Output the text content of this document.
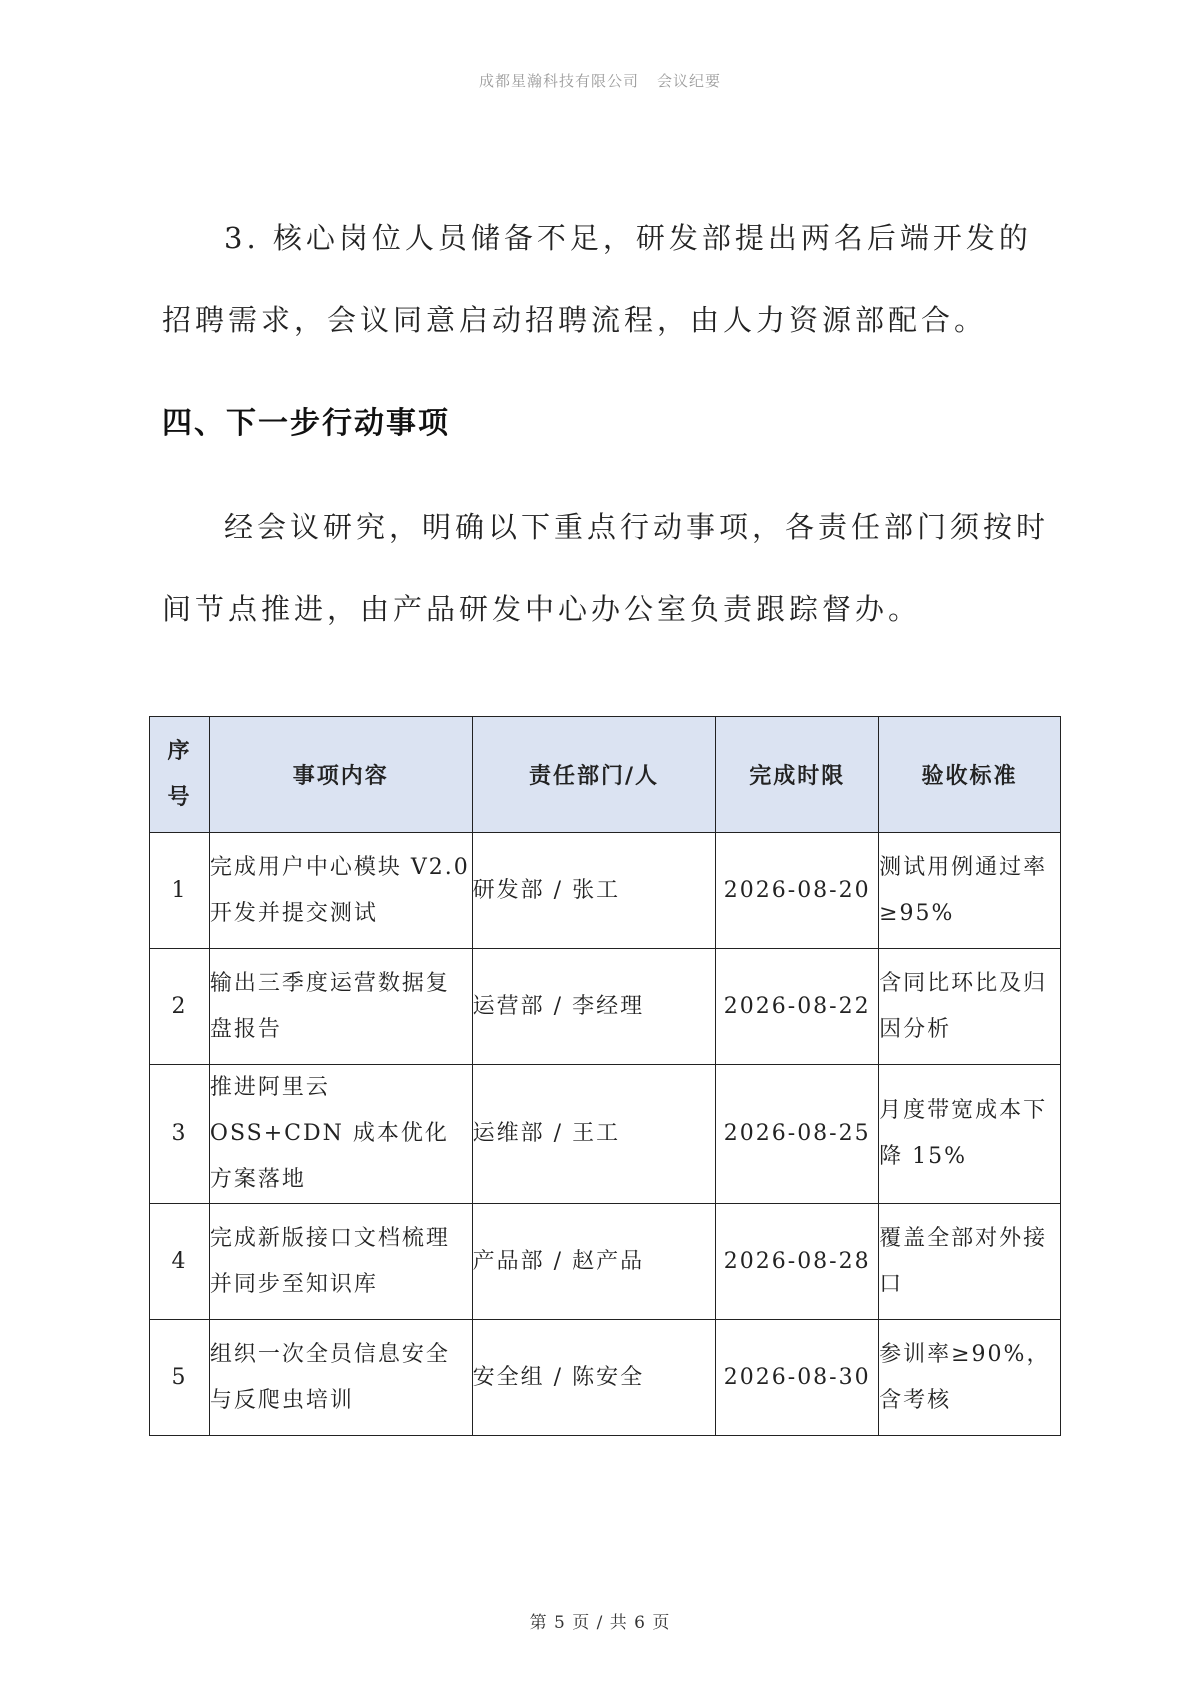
成都星瀚科技有限公司 会议纪要

3. 核心岗位人员储备不足，研发部提出两名后端开发的招聘需求，会议同意启动招聘流程，由人力资源部配合。

四、下一步行动事项

经会议研究，明确以下重点行动事项，各责任部门须按时间节点推进，由产品研发中心办公室负责跟踪督办。

序
号	事项内容	责任部门/人	完成时限	验收标准
1	完成用户中心模块 V2.0 开发并提交测试	研发部 / 张工	2026-08-20	测试用例通过率≥95%
2	输出三季度运营数据复盘报告	运营部 / 李经理	2026-08-22	含同比环比及归因分析
3	推进阿里云 OSS+CDN 成本优化方案落地	运维部 / 王工	2026-08-25	月度带宽成本下降 15%
4	完成新版接口文档梳理并同步至知识库	产品部 / 赵产品	2026-08-28	覆盖全部对外接口
5	组织一次全员信息安全与反爬虫培训	安全组 / 陈安全	2026-08-30	参训率≥90%，含考核
第 5 页 / 共 6 页
